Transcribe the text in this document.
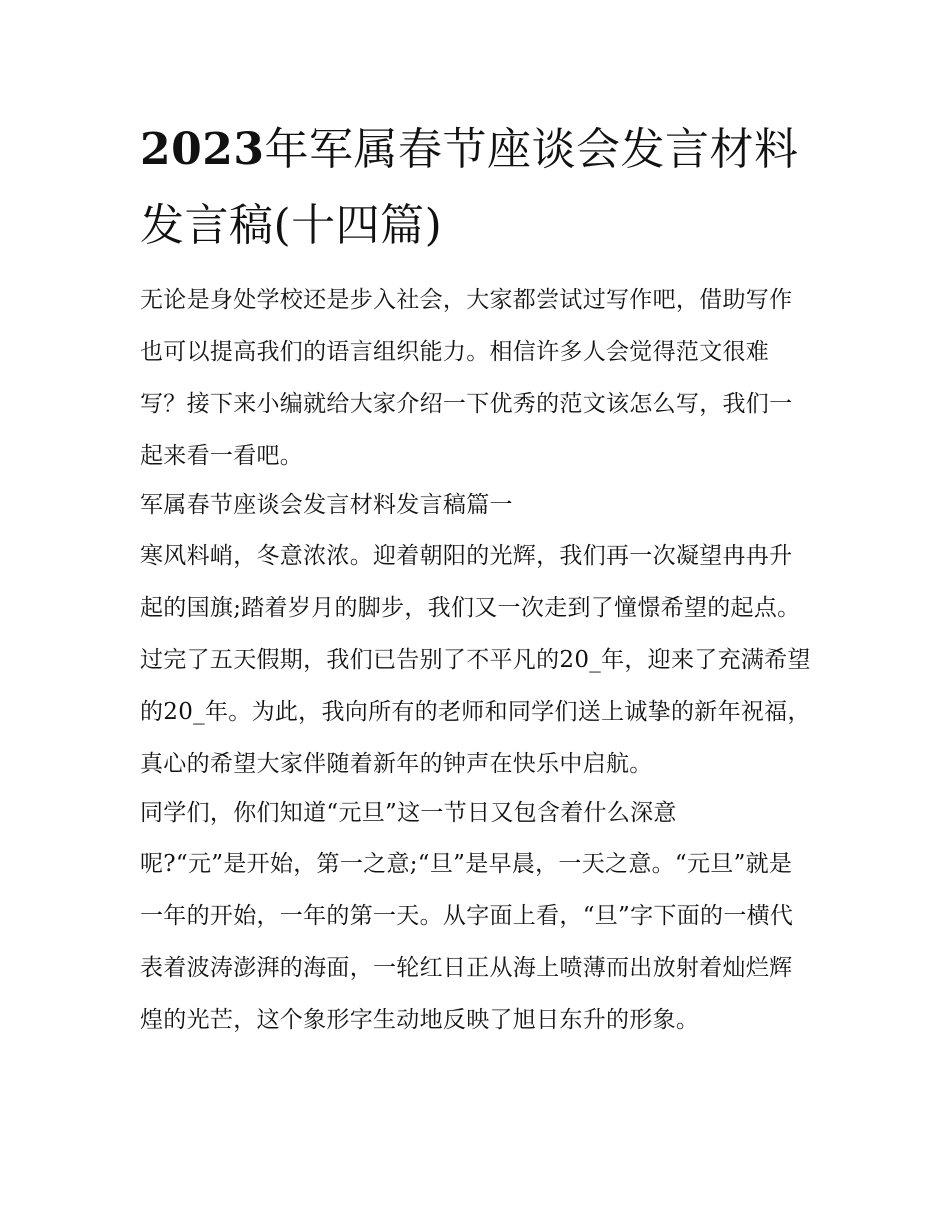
2023年军属春节座谈会发言材料发言稿(十四篇)

无论是身处学校还是步入社会，大家都尝试过写作吧，借助写作也可以提高我们的语言组织能力。相信许多人会觉得范文很难写？接下来小编就给大家介绍一下优秀的范文该怎么写，我们一起来看一看吧。

军属春节座谈会发言材料发言稿篇一

寒风料峭，冬意浓浓。迎着朝阳的光辉，我们再一次凝望冉冉升起的国旗;踏着岁月的脚步，我们又一次走到了憧憬希望的起点。过完了五天假期，我们已告别了不平凡的20_年，迎来了充满希望的20_年。为此，我向所有的老师和同学们送上诚挚的新年祝福，真心的希望大家伴随着新年的钟声在快乐中启航。

同学们，你们知道“元旦”这一节日又包含着什么深意

呢?“元”是开始，第一之意;“旦”是早晨，一天之意。“元旦”就是一年的开始，一年的第一天。从字面上看，“旦”字下面的一横代表着波涛澎湃的海面，一轮红日正从海上喷薄而出放射着灿烂辉煌的光芒，这个象形字生动地反映了旭日东升的形象。
